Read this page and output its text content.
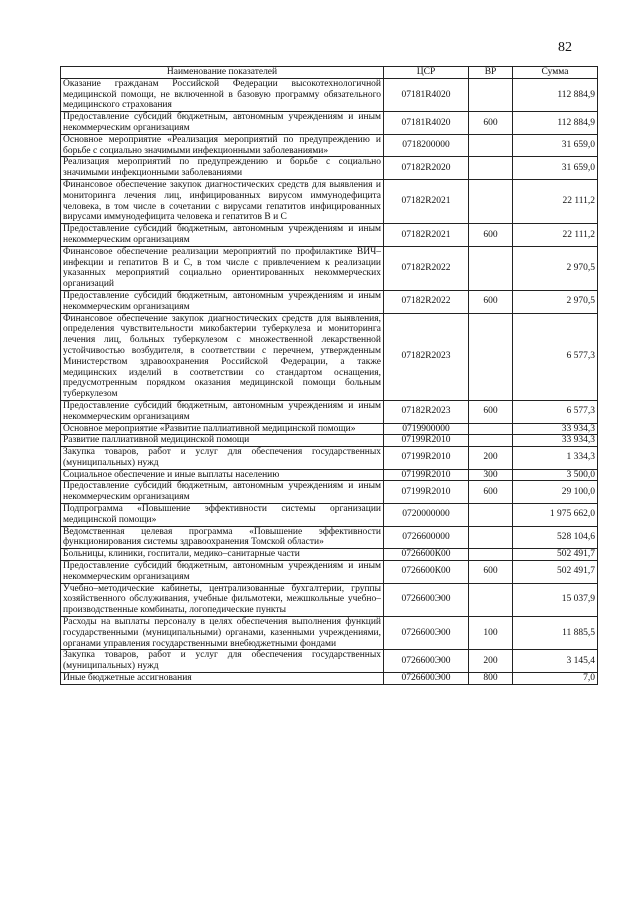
82
Наименование показателей	ЦСР	ВР	Сумма
Оказание гражданам Российской Федерации высокотехнологичной медицинской помощи, не включенной в базовую программу обязательного медицинского страхования	07181R4020		112 884,9
Предоставление субсидий бюджетным, автономным учреждениям и иным некоммерческим организациям	07181R4020	600	112 884,9
Основное мероприятие «Реализация мероприятий по предупреждению и борьбе с социально значимыми инфекционными заболеваниями»	0718200000		31 659,0
Реализация мероприятий по предупреждению и борьбе с социально значимыми инфекционными заболеваниями	07182R2020		31 659,0
Финансовое обеспечение закупок диагностических средств для выявления и мониторинга лечения лиц, инфицированных вирусом иммунодефицита человека, в том числе в сочетании с вирусами гепатитов инфицированных вирусами иммунодефицита человека и гепатитов В и С	07182R2021		22 111,2
Предоставление субсидий бюджетным, автономным учреждениям и иным некоммерческим организациям	07182R2021	600	22 111,2
Финансовое обеспечение реализации мероприятий по профилактике ВИЧ–инфекции и гепатитов В и С, в том числе с привлечением к реализации указанных мероприятий социально ориентированных некоммерческих организаций	07182R2022		2 970,5
Предоставление субсидий бюджетным, автономным учреждениям и иным некоммерческим организациям	07182R2022	600	2 970,5
Финансовое обеспечение закупок диагностических средств для выявления, определения чувствительности микобактерии туберкулеза и мониторинга лечения лиц, больных туберкулезом с множественной лекарственной устойчивостью возбудителя, в соответствии с перечнем, утвержденным Министерством здравоохранения Российской Федерации, а также медицинских изделий в соответствии со стандартом оснащения, предусмотренным порядком оказания медицинской помощи больным туберкулезом	07182R2023		6 577,3
Предоставление субсидий бюджетным, автономным учреждениям и иным некоммерческим организациям	07182R2023	600	6 577,3
Основное мероприятие «Развитие паллиативной медицинской помощи»	0719900000		33 934,3
Развитие паллиативной медицинской помощи	07199R2010		33 934,3
Закупка товаров, работ и услуг для обеспечения государственных (муниципальных) нужд	07199R2010	200	1 334,3
Социальное обеспечение и иные выплаты населению	07199R2010	300	3 500,0
Предоставление субсидий бюджетным, автономным учреждениям и иным некоммерческим организациям	07199R2010	600	29 100,0
Подпрограмма «Повышение эффективности системы организации медицинской помощи»	0720000000		1 975 662,0
Ведомственная целевая программа «Повышение эффективности функционирования системы здравоохранения Томской области»	0726600000		528 104,6
Больницы, клиники, госпитали, медико–санитарные части	0726600К00		502 491,7
Предоставление субсидий бюджетным, автономным учреждениям и иным некоммерческим организациям	0726600К00	600	502 491,7
Учебно–методические кабинеты, централизованные бухгалтерии, группы хозяйственного обслуживания, учебные фильмотеки, межшкольные учебно–производственные комбинаты, логопедические пункты	0726600Э00		15 037,9
Расходы на выплаты персоналу в целях обеспечения выполнения функций государственными (муниципальными) органами, казенными учреждениями, органами управления государственными внебюджетными фондами	0726600Э00	100	11 885,5
Закупка товаров, работ и услуг для обеспечения государственных (муниципальных) нужд	0726600Э00	200	3 145,4
Иные бюджетные ассигнования	0726600Э00	800	7,0
